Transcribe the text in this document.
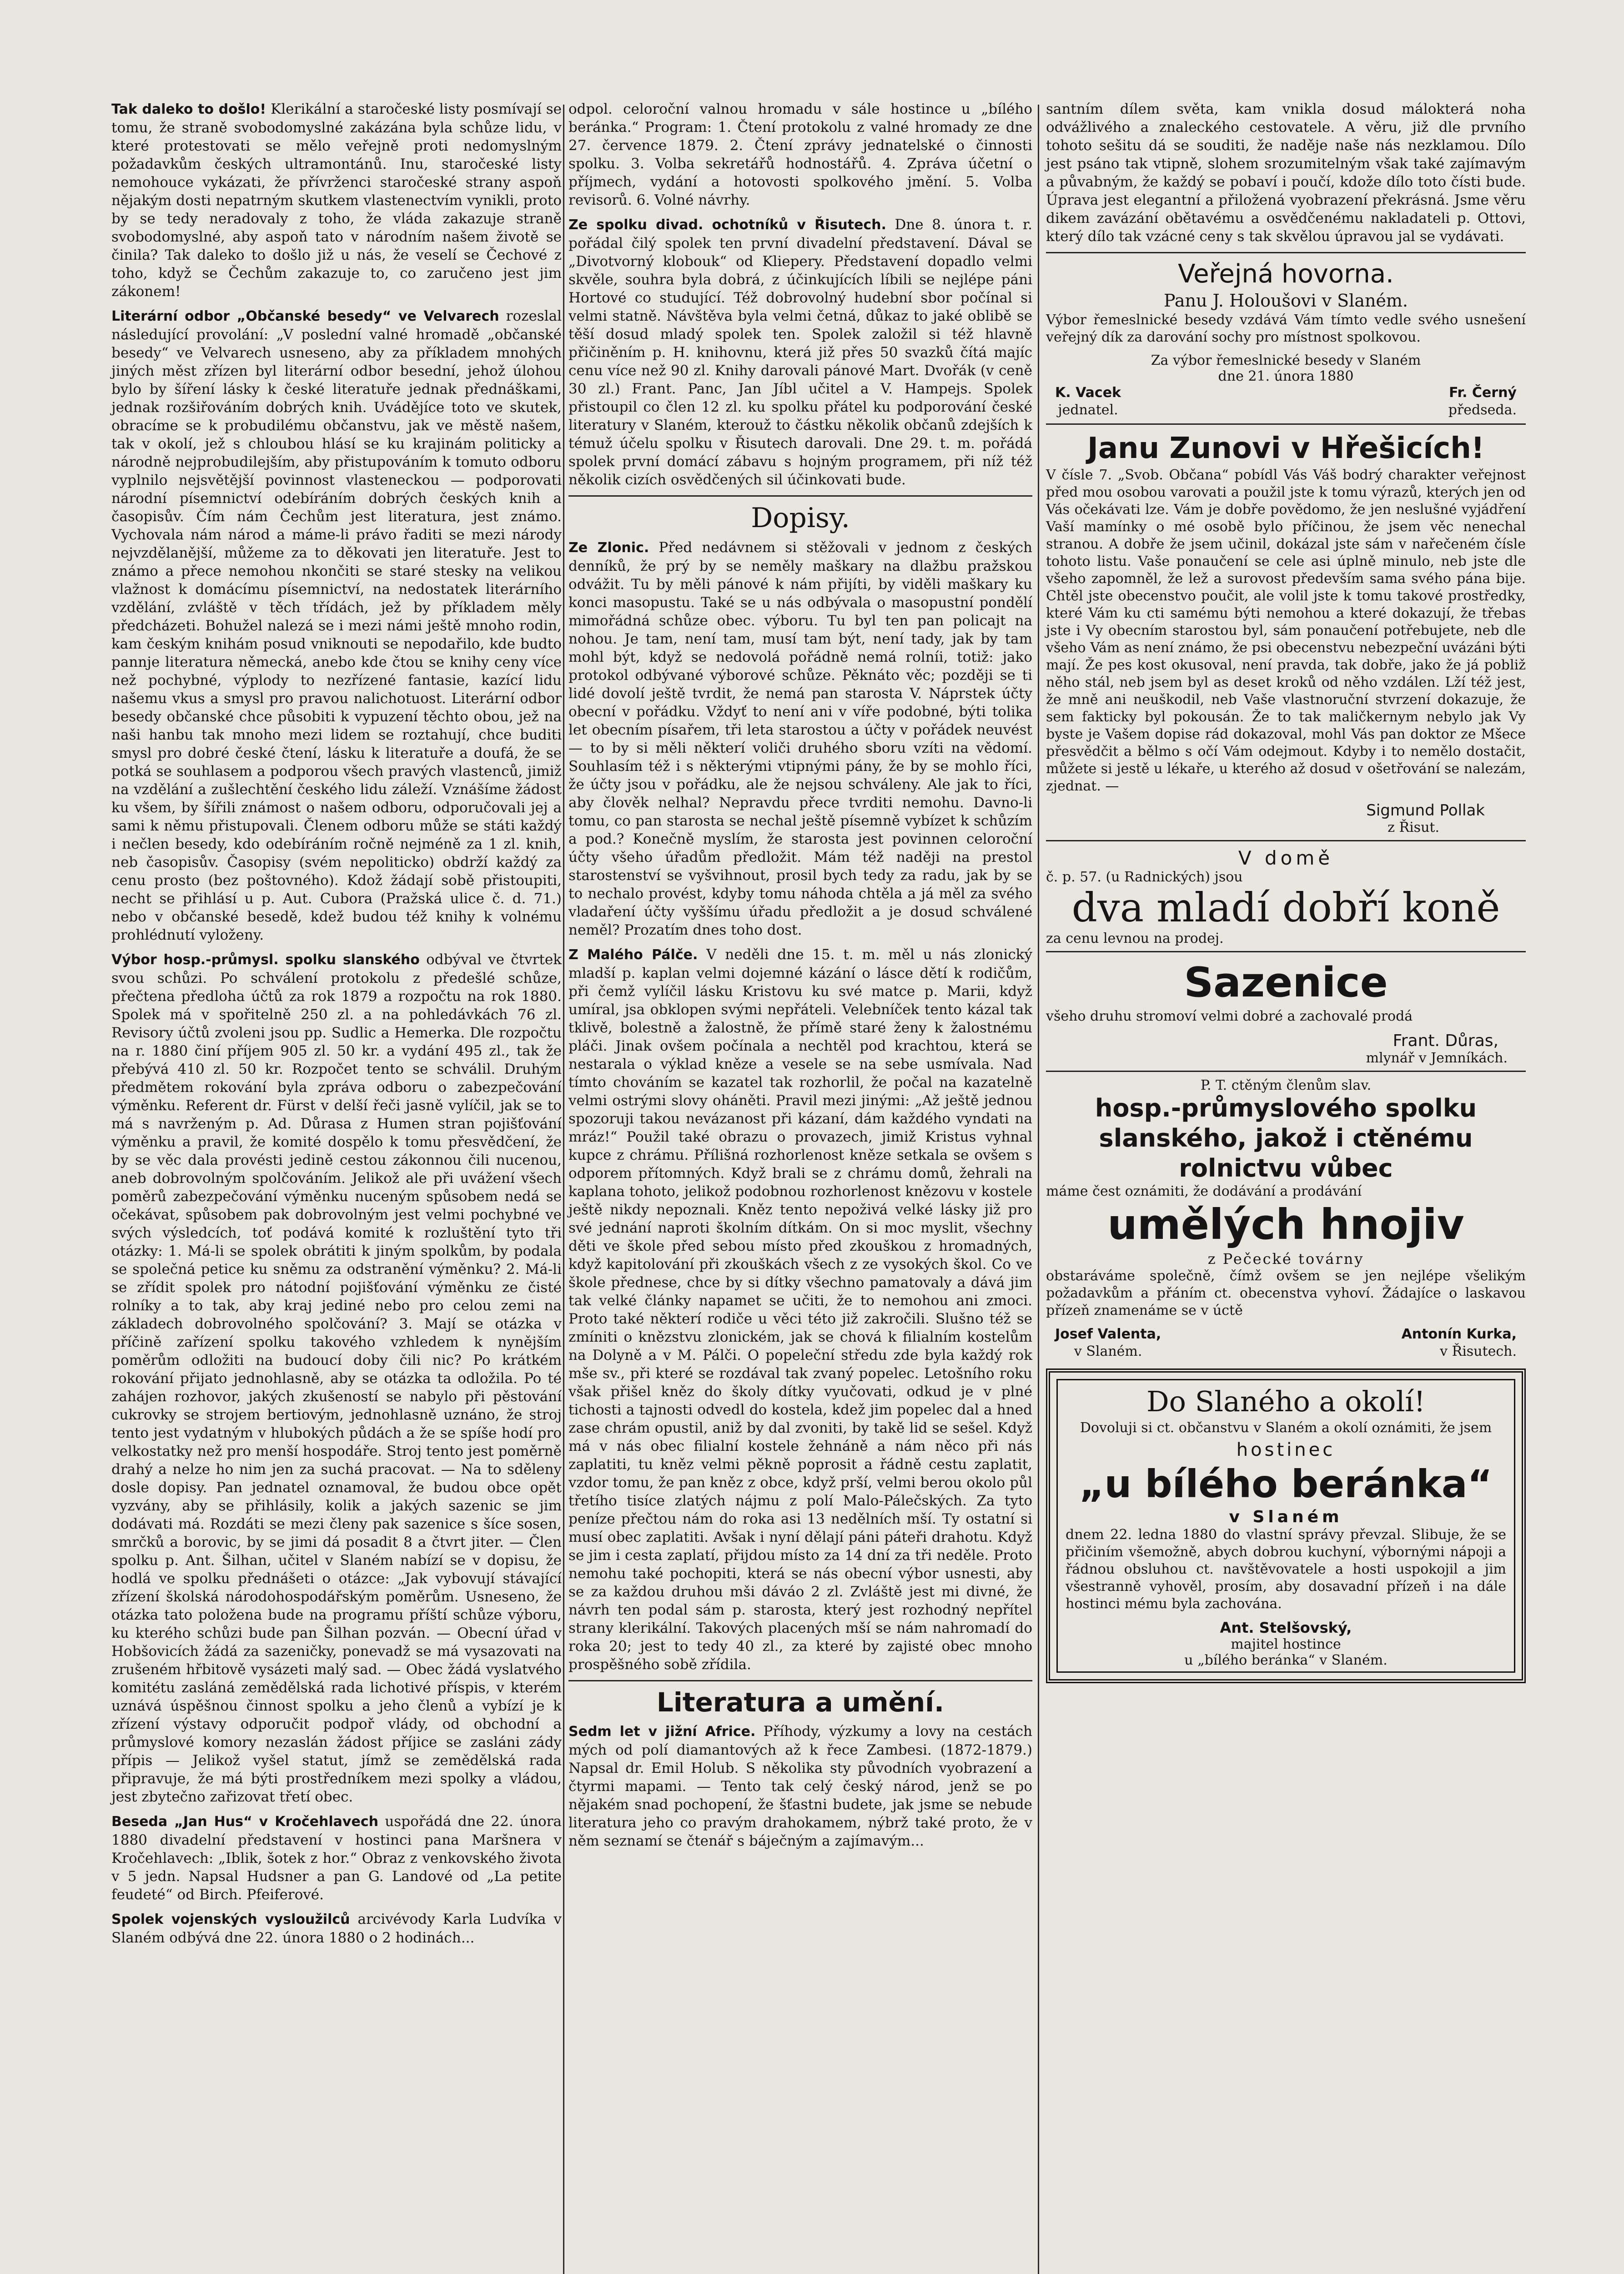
Tak daleko to došlo! Klerikální a staročeské listy posmívají se tomu, že straně svobodomyslné zakázána byla schůze lidu, v které protestovati se mělo veřejně proti nedomyslným požadavkům českých ultramontánů. Inu, staročeské listy nemohouce vykázati, že přívrženci staročeské strany aspoň nějakým dosti nepatrným skutkem vlastenectvím vynikli, proto by se tedy neradovaly z toho, že vláda zakazuje straně svobodomyslné, aby aspoň tato v národním našem životě se činila? Tak daleko to došlo již u nás, že veselí se Čechové z toho, když se Čechům zakazuje to, co zaručeno jest jim zákonem!

Literární odbor „Občanské besedy“ ve Velvarech rozeslal následující provolání: „V poslední valné hromadě „občanské besedy“ ve Velvarech usneseno, aby za příkladem mnohých jiných měst zřízen byl literární odbor besední, jehož úlohou bylo by šíření lásky k české literatuře jednak přednáškami, jednak rozšiřováním dobrých knih. Uvádějíce toto ve skutek, obracíme se k probudilému občanstvu, jak ve městě našem, tak v okolí, jež s chloubou hlásí se ku krajinám politicky a národně nejprobudilejším, aby přistupováním k tomuto odboru vyplnilo nejsvětější povinnost vlasteneckou — podporovati národní písemnictví odebíráním dobrých českých knih a časopisův. Čím nám Čechům jest literatura, jest známo. Vychovala nám národ a máme-li právo řaditi se mezi národy nejvzdělanější, můžeme za to děkovati jen literatuře. Jest to známo a přece nemohou nkončiti se staré stesky na velikou vlažnost k domácímu písemnictví, na nedostatek literárního vzdělání, zvláště v těch třídách, jež by příkladem měly předcházeti. Bohužel nalezá se i mezi námi ještě mnoho rodin, kam českým knihám posud vniknouti se nepodařilo, kde budto pannje literatura německá, anebo kde čtou se knihy ceny více než pochybné, výplody to nezřízené fantasie, kazící lidu našemu vkus a smysl pro pravou nalichotuost. Literární odbor besedy občanské chce působiti k vypuzení těchto obou, jež na naši hanbu tak mnoho mezi lidem se roztahují, chce buditi smysl pro dobré české čtení, lásku k literatuře a doufá, že se potká se souhlasem a podporou všech pravých vlastenců, jimiž na vzdělání a zušlechtění českého lidu záleží. Vznášíme žádost ku všem, by šířili známost o našem odboru, odporučovali jej a sami k němu přistupovali. Členem odboru může se státi každý i nečlen besedy, kdo odebíráním ročně nejméně za 1 zl. knih, neb časopisův. Časopisy (svém nepoliticko) obdrží každý za cenu prosto (bez poštovného). Kdož žádají sobě přistoupiti, necht se přihlásí u p. Aut. Cubora (Pražská ulice č. d. 71.) nebo v občanské besedě, kdež budou též knihy k volnému prohlédnutí vyloženy.

Výbor hosp.-průmysl. spolku slanského odbýval ve čtvrtek svou schůzi. Po schválení protokolu z předešlé schůze, přečtena předloha účtů za rok 1879 a rozpočtu na rok 1880. Spolek má v spořitelně 250 zl. a na pohledávkách 76 zl. Revisory účtů zvoleni jsou pp. Sudlic a Hemerka. Dle rozpočtu na r. 1880 činí příjem 905 zl. 50 kr. a vydání 495 zl., tak že přebývá 410 zl. 50 kr. Rozpočet tento se schválil. Druhým předmětem rokování byla zpráva odboru o zabezpečování výměnku. Referent dr. Fürst v delší řeči jasně vylíčil, jak se to má s navrženým p. Ad. Důrasa z Humen stran pojišťování výměnku a pravil, že komité dospělo k tomu přesvědčení, že by se věc dala provésti jedině cestou zákonnou čili nucenou, aneb dobrovolným spolčováním. Jelikož ale při uvážení všech poměrů zabezpečování výměnku nuceným spůsobem nedá se očekávat, spůsobem pak dobrovolným jest velmi pochybné ve svých výsledcích, toť podává komité k rozluštění tyto tři otázky: 1. Má-li se spolek obrátiti k jiným spolkům, by podala se společná petice ku sněmu za odstranění výměnku? 2. Má-li se zřídit spolek pro nátodní pojišťování výměnku ze čisté rolníky a to tak, aby kraj jediné nebo pro celou zemi na základech dobrovolného spolčování? 3. Mají se otázka v příčině zařízení spolku takového vzhledem k nynějším poměrům odložiti na budoucí doby čili nic? Po krátkém rokování přijato jednohlasně, aby se otázka ta odložila. Po té zahájen rozhovor, jakých zkušeností se nabylo při pěstování cukrovky se strojem bertiovým, jednohlasně uznáno, že stroj tento jest vydatným v hlubokých půdách a že se spíše hodí pro velkostatky než pro menší hospodáře. Stroj tento jest poměrně drahý a nelze ho nim jen za suchá pracovat. — Na to sděleny dosle dopisy. Pan jednatel oznamoval, že budou obce opět vyzvány, aby se přihlásily, kolik a jakých sazenic se jim dodávati má. Rozdáti se mezi členy pak sazenice s šíce sosen, smrčků a borovic, by se jimi dá posadit 8 a čtvrt jiter. — Člen spolku p. Ant. Šilhan, učitel v Slaném nabízí se v dopisu, že hodlá ve spolku přednášeti o otázce: „Jak vybovují stávající zřízení školská národohospodářským poměrům. Usneseno, že otázka tato položena bude na programu příští schůze výboru, ku kterého schůzi bude pan Šilhan pozván. — Obecní úřad v Hobšovicích žádá za sazeničky, ponevadž se má vysazovati na zrušeném hřbitově vysázeti malý sad. — Obec žádá vyslatvého komitétu zasláná zemědělská rada lichotivé příspis, v kterém uznává úspěšnou činnost spolku a jeho členů a vybízí je k zřízení výstavy odporučit podpoř vlády, od obchodní a průmyslové komory nezaslán žádost příjice se zasláni zády přípis — Jelikož vyšel statut, jímž se zemědělská rada připravuje, že má býti prostředníkem mezi spolky a vládou, jest zbytečno zařizovat třetí obec.

Beseda „Jan Hus“ v Kročehlavech uspořádá dne 22. února 1880 divadelní představení v hostinci pana Maršnera v Kročehlavech: „Iblik, šotek z hor.“ Obraz z venkovského života v 5 jedn. Napsal Hudsner a pan G. Landové od „La petite feudeté“ od Birch. Pfeiferové.

Spolek vojenských vysloužilců arcivévody Karla Ludvíka v Slaném odbývá dne 22. února 1880 o 2 hodinách...

odpol. celoroční valnou hromadu v sále hostince u „bílého beránka.“ Program: 1. Čtení protokolu z valné hromady ze dne 27. července 1879. 2. Čtení zprávy jednatelské o činnosti spolku. 3. Volba sekretářů hodnostářů. 4. Zpráva účetní o příjmech, vydání a hotovosti spolkového jmění. 5. Volba revisorů. 6. Volné návrhy.

Ze spolku divad. ochotníků v Řisutech. Dne 8. února t. r. pořádal čilý spolek ten první divadelní představení. Dával se „Divotvorný klobouk“ od Kliepery. Představení dopadlo velmi skvěle, souhra byla dobrá, z účinkujících líbili se nejlépe páni Hortové co studující. Též dobrovolný hudební sbor počínal si velmi statně. Návštěva byla velmi četná, důkaz to jaké oblibě se těší dosud mladý spolek ten. Spolek založil si též hlavně přičiněním p. H. knihovnu, která již přes 50 svazků čítá majíc cenu více než 90 zl. Knihy darovali pánové Mart. Dvořák (v ceně 30 zl.) Frant. Panc, Jan Jíbl učitel a V. Hampejs. Spolek přistoupil co člen 12 zl. ku spolku přátel ku podporování české literatury v Slaném, kterouž to částku několik občanů zdejších k témuž účelu spolku v Řisutech darovali. Dne 29. t. m. pořádá spolek první domácí zábavu s hojným programem, při níž též několik cizích osvědčených sil účinkovati bude.

Dopisy.

Ze Zlonic. Před nedávnem si stěžovali v jednom z českých denníků, že prý by se neměly maškary na dlažbu pražskou odvážit. Tu by měli pánové k nám přijíti, by viděli maškary ku konci masopustu. Také se u nás odbývala o masopustní pondělí mimořádná schůze obec. výboru. Tu byl ten pan policajt na nohou. Je tam, není tam, musí tam být, není tady, jak by tam mohl být, když se nedovolá pořádně nemá rolníi, totiž: jako protokol odbývané výborové schůze. Pěknáto věc; později se ti lidé dovolí ještě tvrdit, že nemá pan starosta V. Náprstek účty obecní v pořádku. Vždyť to není ani v víře podobné, býti tolika let obecním písařem, tři leta starostou a účty v pořádek neuvést — to by si měli některí voliči druhého sboru vzíti na vědomí. Souhlasím též i s některými vtipnými pány, že by se mohlo říci, že účty jsou v pořádku, ale že nejsou schváleny. Ale jak to říci, aby člověk nelhal? Nepravdu přece tvrditi nemohu. Davno-li tomu, co pan starosta se nechal ještě písemně vybízet k schůzím a pod.? Konečně myslím, že starosta jest povinnen celoroční účty všeho úřadům předložit. Mám též naději na prestol starostenství se vyšvihnout, prosil bych tedy za radu, jak by se to nechalo provést, kdyby tomu náhoda chtěla a já měl za svého vladaření účty vyššímu úřadu předložit a je dosud schválené neměl? Prozatím dnes toho dost.

Z Malého Pálče. V neděli dne 15. t. m. měl u nás zlonický mladší p. kaplan velmi dojemné kázání o lásce dětí k rodičům, při čemž vylíčil lásku Kristovu ku své matce p. Marii, když umíral, jsa obklopen svými nepřáteli. Velebníček tento kázal tak tklivě, bolestně a žalostně, že přímě staré ženy k žalostnému pláči. Jinak ovšem počínala a nechtěl pod krachtou, která se nestarala o výklad kněze a vesele se na sebe usmívala. Nad tímto chováním se kazatel tak rozhorlil, že počal na kazatelně velmi ostrými slovy oháněti. Pravil mezi jinými: „Až ještě jednou spozoruji takou nevázanost při kázaní, dám každého vyndati na mráz!“ Použil také obrazu o provazech, jimiž Kristus vyhnal kupce z chrámu. Přílišná rozhorlenost kněze setkala se ovšem s odporem přítomných. Když brali se z chrámu domů, žehrali na kaplana tohoto, jelikož podobnou rozhorlenost knězovu v kostele ještě nikdy nepoznali. Kněz tento nepoživá velké lásky již pro své jednání naproti školním dítkám. On si moc myslit, všechny děti ve škole před sebou místo před zkouškou z hromadných, když kapitolování při zkouškách všech z ze vysokých škol. Co ve škole přednese, chce by si dítky všechno pamatovaly a dává jim tak velké články napamet se učiti, že to nemohou ani zmoci. Proto také některí rodiče u věci této již zakročili. Slušno též se zmíniti o knězstvu zlonickém, jak se chová k filialním kostelům na Dolyně a v M. Pálči. O popeleční středu zde byla každý rok mše sv., při které se rozdával tak zvaný popelec. Letošního roku však přišel kněz do školy dítky vyučovati, odkud je v plné tichosti a tajnosti odvedl do kostela, kdež jim popelec dal a hned zase chrám opustil, aniž by dal zvoniti, by takě lid se sešel. Když má v nás obec filialní kostele žehnáně a nám něco při nás zaplatiti, tu kněz velmi pěkně poprosit a řádně cestu zaplatit, vzdor tomu, že pan kněz z obce, když prší, velmi berou okolo půl třetího tisíce zlatých nájmu z polí Malo-Pálečských. Za tyto peníze přečtou nám do roka asi 13 nedělních mší. Ty ostatní si musí obec zaplatiti. Avšak i nyní dělají páni páteři drahotu. Když se jim i cesta zaplatí, přijdou místo za 14 dní za tři neděle. Proto nemohu také pochopiti, která se nás obecní výbor usnesti, aby se za každou druhou mši dáváo 2 zl. Zvláště jest mi divné, že návrh ten podal sám p. starosta, který jest rozhodný nepřítel strany klerikální. Takových placených mší se nám nahromadí do roka 20; jest to tedy 40 zl., za které by zajisté obec mnoho prospěšného sobě zřídila.

Literatura a umění.

Sedm let v jižní Africe. Příhody, výzkumy a lovy na cestách mých od polí diamantových až k řece Zambesi. (1872-1879.) Napsal dr. Emil Holub. S několika sty původních vyobrazení a čtyrmi mapami. — Tento tak celý český národ, jenž se po nějakém snad pochopení, že šťastni budete, jak jsme se nebude literatura jeho co pravým drahokamem, nýbrž také proto, že v něm seznamí se čtenář s báječným a zajímavým...

santním dílem světa, kam vnikla dosud málokterá noha odvážlivého a znaleckého cestovatele. A věru, již dle prvního tohoto sešitu dá se souditi, že naděje naše nás nezklamou. Dílo jest psáno tak vtipně, slohem srozumitelným však také zajímavým a půvabným, že každý se pobaví i poučí, kdože dílo toto čísti bude. Úprava jest elegantní a přiložená vyobrazení překrásná. Jsme věru dikem zavázání obětavému a osvědčenému nakladateli p. Ottovi, který dílo tak vzácné ceny s tak skvělou úpravou jal se vydávati.

Veřejná hovorna.
Panu J. Holoušovi v Slaném.

Výbor řemeslnické besedy vzdává Vám tímto vedle svého usnešení veřejný dík za darování sochy pro místnost spolkovou.

Za výbor řemeslnické besedy v Slaném
dne 21. února 1880
K. Vacek
jednatel.
Fr. Černý
předseda.
Janu Zunovi v Hřešicích!

V čísle 7. „Svob. Občana“ pobídl Vás Váš bodrý charakter veřejnost před mou osobou varovati a použil jste k tomu výrazů, kterých jen od Vás očekávati lze. Vám je dobře povědomo, že jen neslušné vyjádření Vaší mamínky o mé osobě bylo příčinou, že jsem věc nenechal stranou. A dobře že jsem učinil, dokázal jste sám v nařečeném čísle tohoto listu. Vaše ponaučení se cele asi úplně minulo, neb jste dle všeho zapomněl, že lež a surovost především sama svého pána bije. Chtěl jste obecenstvo poučit, ale volil jste k tomu takové prostředky, které Vám ku cti samému býti nemohou a které dokazují, že třebas jste i Vy obecním starostou byl, sám ponaučení potřebujete, neb dle všeho Vám as není známo, že psi obecenstvu nebezpeční uvázáni býti mají. Že pes kost okusoval, není pravda, tak dobře, jako že já pobliž něho stál, neb jsem byl as deset kroků od něho vzdálen. Lží též jest, že mně ani neuškodil, neb Vaše vlastnoruční stvrzení dokazuje, že sem fakticky byl pokousán. Že to tak maličkernym nebylo jak Vy byste je Vašem dopise rád dokazoval, mohl Vás pan doktor ze Mšece přesvědčit a bělmo s očí Vám odejmout. Kdyby i to nemělo dostačit, můžete si jestě u lékaře, u kterého až dosud v ošetřování se nalezám, zjednat. —

Sigmund Pollak
z Řisut.
V domě
č. p. 57. (u Radnických) jsou
dva mladí dobří koně
za cenu levnou na prodej.
Sazenice

všeho druhu stromoví velmi dobré a zachovalé prodá

Frant. Důras,
mlynář v Jemníkách.
P. T. ctěným členům slav.
hosp.-průmyslového spolku slanského, jakož i ctěnému rolnictvu vůbec
máme čest oznámiti, že dodávání a prodávání
umělých hnojiv
z Pečecké továrny

obstaráváme společně, čímž ovšem se jen nejlépe všelikým požadavkům a přáním ct. obecenstva vyhoví. Žádajíce o laskavou přízeň znamenáme se v úctě

Josef Valenta,
v Slaném.
Antonín Kurka,
v Řisutech.
Do Slaného a okolí!
Dovoluji si ct. občanstvu v Slaném a okolí oznámiti, že jsem
hostinec
„u bílého beránka“
v Slaném

dnem 22. ledna 1880 do vlastní správy převzal. Slibuje, že se přičiním všemožně, abych dobrou kuchyní, výbornými nápoji a řádnou obsluhou ct. navštěvovatele a hosti uspokojil a jim všestranně vyhověl, prosím, aby dosavadní přízeň i na dále hostinci mému byla zachována.

Ant. Stelšovský,
majitel hostince
u „bílého beránka“ v Slaném.
